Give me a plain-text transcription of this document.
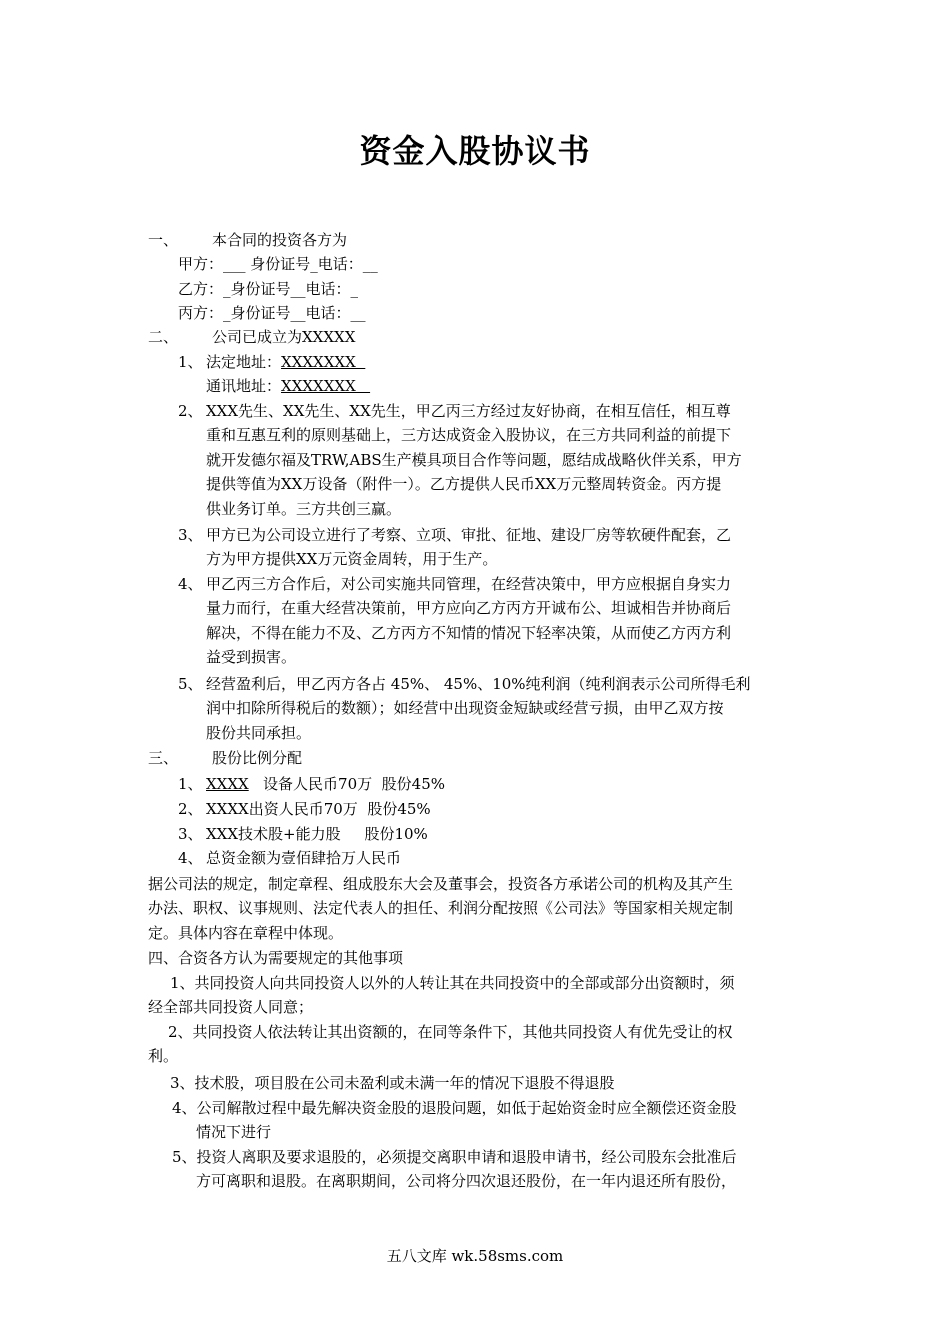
资金入股协议书
一、 本合同的投资各方为
甲方：___ 身份证号_电话：__
乙方：_身份证号__电话：_
丙方：_身份证号__电话：__
二、 公司已成立为XXXXX
1、 法定地址：XXXXXXX
通讯地址：XXXXXXX
2、 XXX先生、XX先生、XX先生，甲乙丙三方经过友好协商，在相互信任，相互尊
重和互惠互利的原则基础上，三方达成资金入股协议，在三方共同利益的前提下
就开发德尔福及TRW,ABS生产模具项目合作等问题，愿结成战略伙伴关系，甲方
提供等值为XX万设备（附件一）。乙方提供人民币XX万元整周转资金。丙方提
供业务订单。三方共创三赢。
3、 甲方已为公司设立进行了考察、立项、审批、征地、建设厂房等软硬件配套，乙
方为甲方提供XX万元资金周转，用于生产。
4、 甲乙丙三方合作后，对公司实施共同管理，在经营决策中，甲方应根据自身实力
量力而行，在重大经营决策前，甲方应向乙方丙方开诚布公、坦诚相告并协商后
解决，不得在能力不及、乙方丙方不知情的情况下轻率决策，从而使乙方丙方利
益受到损害。
5、 经营盈利后，甲乙丙方各占 45%、 45%、10%纯利润（纯利润表示公司所得毛利
润中扣除所得税后的数额）；如经营中出现资金短缺或经营亏损，由甲乙双方按
股份共同承担。
三、 股份比例分配
1、 XXXX   设备人民币70万  股份45%
2、 XXXX出资人民币70万  股份45%
3、 XXX技术股+能力股     股份10%
4、 总资金额为壹佰肆拾万人民币
据公司法的规定，制定章程、组成股东大会及董事会，投资各方承诺公司的机构及其产生
办法、职权、议事规则、法定代表人的担任、利润分配按照《公司法》等国家相关规定制
定。具体内容在章程中体现。
四、合资各方认为需要规定的其他事项
1、共同投资人向共同投资人以外的人转让其在共同投资中的全部或部分出资额时，须
经全部共同投资人同意；
2、共同投资人依法转让其出资额的，在同等条件下，其他共同投资人有优先受让的权
利。
3、技术股，项目股在公司未盈利或未满一年的情况下退股不得退股
4、公司解散过程中最先解决资金股的退股问题，如低于起始资金时应全额偿还资金股
情况下进行
5、投资人离职及要求退股的，必须提交离职申请和退股申请书，经公司股东会批准后
方可离职和退股。在离职期间，公司将分四次退还股份，在一年内退还所有股份，
五八文库 wk.58sms.com
